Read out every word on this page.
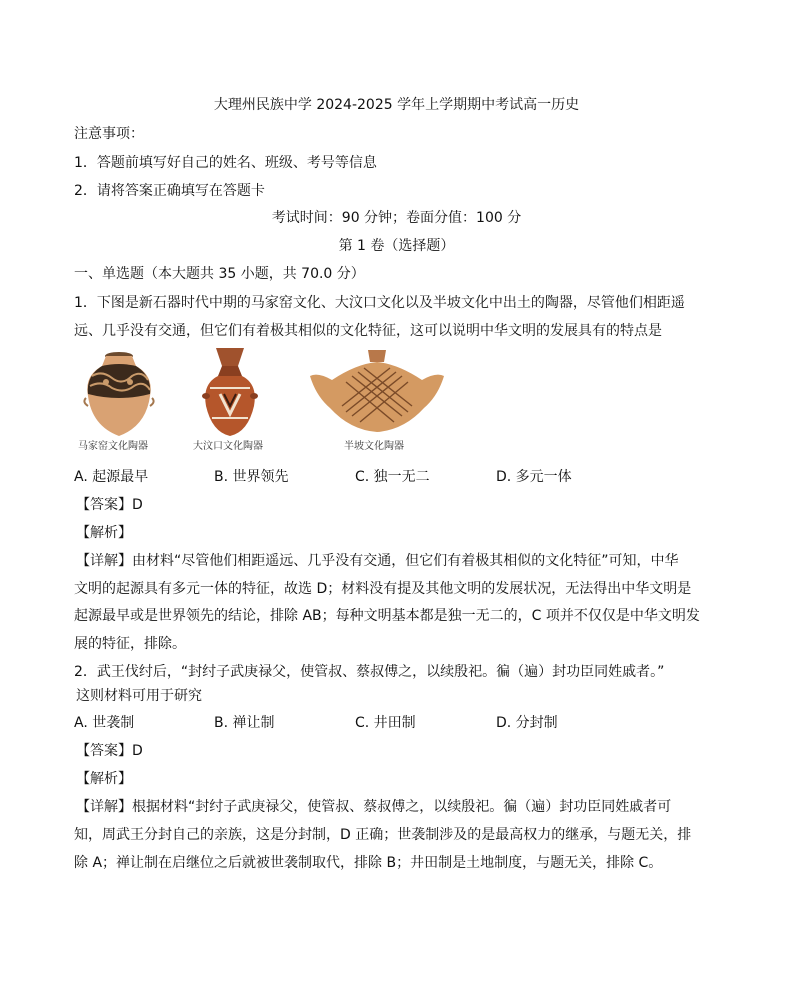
大理州民族中学 2024-2025 学年上学期期中考试高一历史
注意事项：
1．答题前填写好自己的姓名、班级、考号等信息
2．请将答案正确填写在答题卡
考试时间：90 分钟；卷面分值：100 分
第 1 卷（选择题）
一、单选题（本大题共 35 小题，共 70.0 分）
1．下图是新石器时代中期的马家窑文化、大汶口文化以及半坡文化中出土的陶器，尽管他们相距遥
远、几乎没有交通，但它们有着极其相似的文化特征，这可以说明中华文明的发展具有的特点是
马家窑文化陶器	大汶口文化陶器	半坡文化陶器
A. 起源最早	B. 世界领先	C. 独一无二	D. 多元一体
【答案】D
【解析】
【详解】由材料“尽管他们相距遥远、几乎没有交通，但它们有着极其相似的文化特征”可知，中华
文明的起源具有多元一体的特征，故选 D；材料没有提及其他文明的发展状况，无法得出中华文明是
起源最早或是世界领先的结论，排除 AB；每种文明基本都是独一无二的，C 项并不仅仅是中华文明发
展的特征，排除。
2．武王伐纣后，“封纣子武庚禄父，使管叔、蔡叔傅之，以续殷祀。徧（遍）封功臣同姓戚者。”
这则材料可用于研究
A. 世袭制	B. 禅让制	C. 井田制	D. 分封制
【答案】D
【解析】
【详解】根据材料“封纣子武庚禄父，使管叔、蔡叔傅之，以续殷祀。徧（遍）封功臣同姓戚者可
知，周武王分封自己的亲族，这是分封制，D 正确；世袭制涉及的是最高权力的继承，与题无关，排
除 A；禅让制在启继位之后就被世袭制取代，排除 B；井田制是土地制度，与题无关，排除 C。
